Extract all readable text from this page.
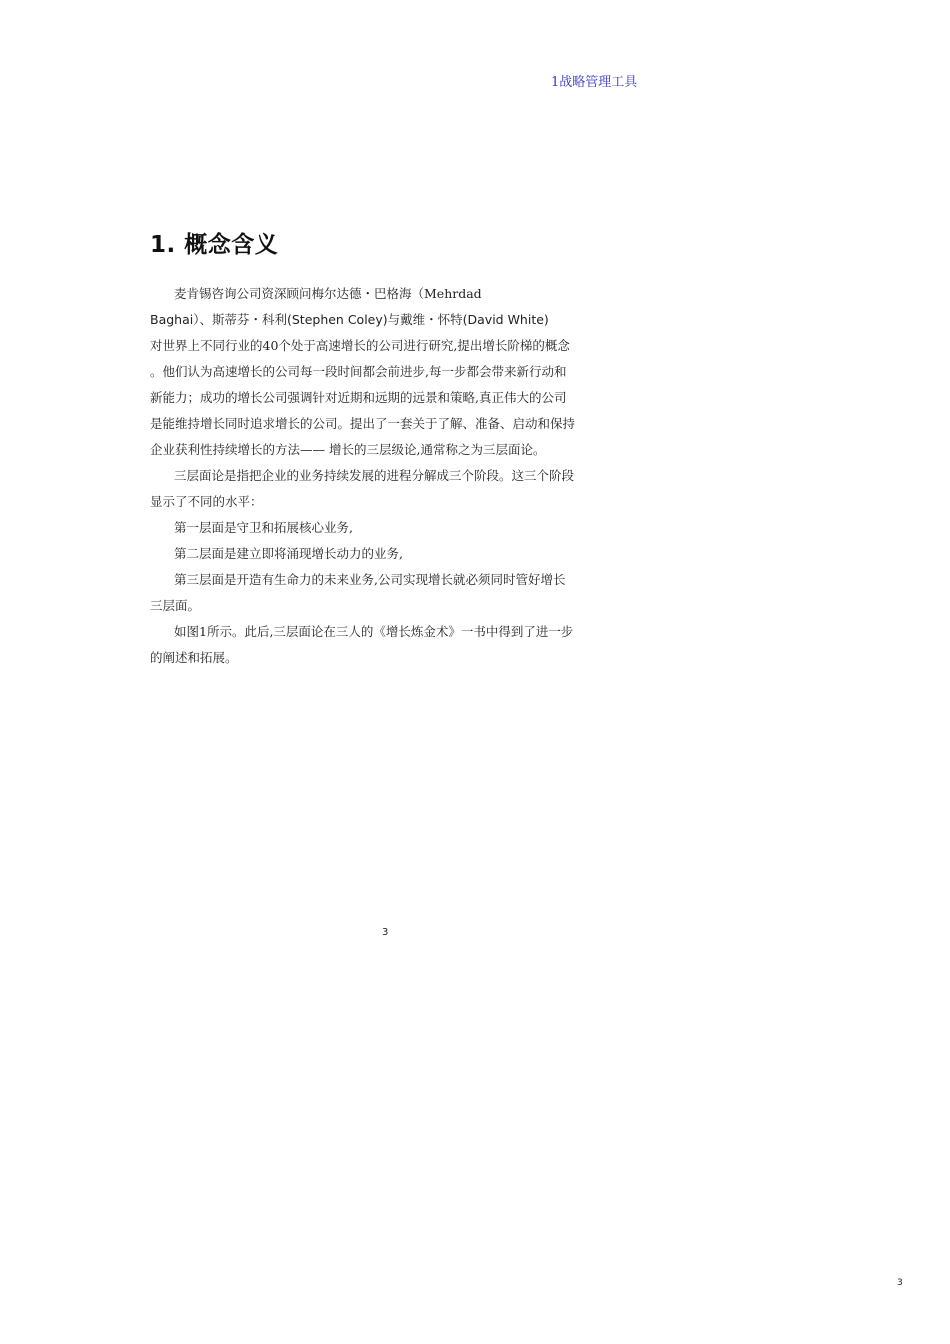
1战略管理工具
1. 概念含义
麦肯锡咨询公司资深顾问梅尔达德・巴格海（Mehrdad
Baghai）、斯蒂芬・科利(Stephen Coley)与戴维・怀特(David White)
对世界上不同行业的40个处于高速增长的公司进行研究,提出增长阶梯的概念
。他们认为高速增长的公司每一段时间都会前进步,每一步都会带来新行动和
新能力；成功的增长公司强调针对近期和远期的远景和策略,真正伟大的公司
是能维持增长同时追求增长的公司。提出了一套关于了解、准备、启动和保持
企业获利性持续增长的方法—— 增长的三层级论,通常称之为三层面论。
三层面论是指把企业的业务持续发展的进程分解成三个阶段。这三个阶段
显示了不同的水平：
第一层面是守卫和拓展核心业务,
第二层面是建立即将涌现增长动力的业务,
第三层面是开造有生命力的未来业务,公司实现增长就必须同时管好增长
三层面。
如图1所示。此后,三层面论在三人的《增长炼金术》一书中得到了进一步
的阐述和拓展。
3
3
